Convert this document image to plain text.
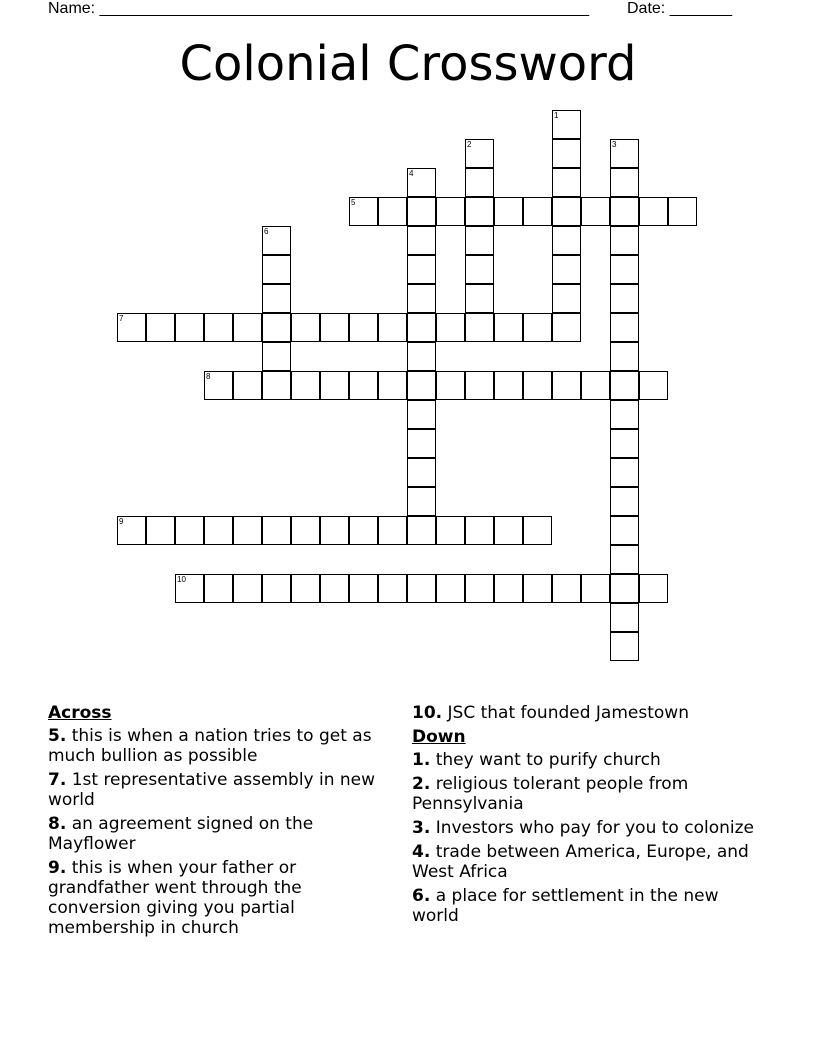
Name: _______________________________________________________ Date: _______
Colonial Crossword
1
2	3
4
5
6
7
8
9
10
Across
5. this is when a nation tries to get as much bullion as possible
7. 1st representative assembly in new world
8. an agreement signed on the Mayflower
9. this is when your father or grandfather went through the conversion giving you partial membership in church
10. JSC that founded Jamestown
Down
1. they want to purify church
2. religious tolerant people from Pennsylvania
3. Investors who pay for you to colonize
4. trade between America, Europe, and West Africa
6. a place for settlement in the new world
